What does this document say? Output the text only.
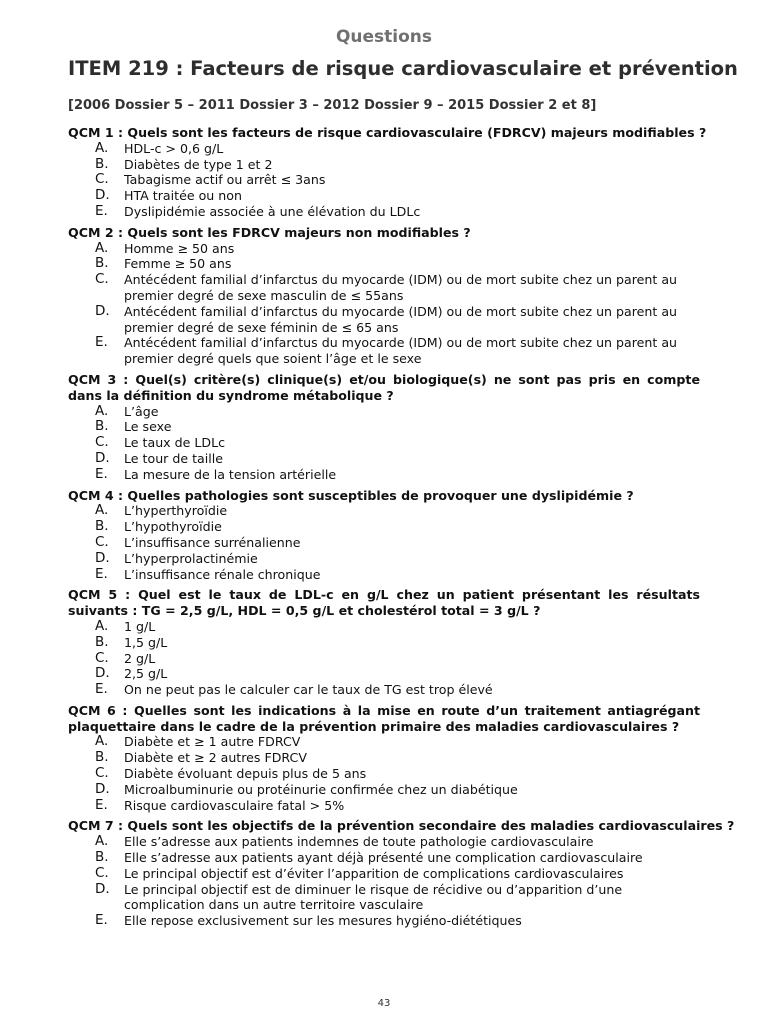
Questions
ITEM 219 : Facteurs de risque cardiovasculaire et prévention
[2006 Dossier 5 – 2011 Dossier 3 – 2012 Dossier 9 – 2015 Dossier 2 et 8]
QCM 1 : Quels sont les facteurs de risque cardiovasculaire (FDRCV) majeurs modifiables ?
A.	HDL-c > 0,6 g/L
B.	Diabètes de type 1 et 2
C.	Tabagisme actif ou arrêt ≤ 3ans
D.	HTA traitée ou non
E.	Dyslipidémie associée à une élévation du LDLc
QCM 2 : Quels sont les FDRCV majeurs non modifiables ?
A.	Homme ≥ 50 ans
B.	Femme ≥ 50 ans
C.	Antécédent familial d’infarctus du myocarde (IDM) ou de mort subite chez un parent au premier degré de sexe masculin de ≤ 55ans
D.	Antécédent familial d’infarctus du myocarde (IDM) ou de mort subite chez un parent au premier degré de sexe féminin de ≤ 65 ans
E.	Antécédent familial d’infarctus du myocarde (IDM) ou de mort subite chez un parent au premier degré quels que soient l’âge et le sexe
QCM 3 : Quel(s) critère(s) clinique(s) et/ou biologique(s) ne sont pas pris en compte dans la définition du syndrome métabolique ?
A.	L’âge
B.	Le sexe
C.	Le taux de LDLc
D.	Le tour de taille
E.	La mesure de la tension artérielle
QCM 4 : Quelles pathologies sont susceptibles de provoquer une dyslipidémie ?
A.	L’hyperthyroïdie
B.	L’hypothyroïdie
C.	L’insuffisance surrénalienne
D.	L’hyperprolactinémie
E.	L’insuffisance rénale chronique
QCM 5 : Quel est le taux de LDL-c en g/L chez un patient présentant les résultats suivants : TG = 2,5 g/L, HDL = 0,5 g/L et cholestérol total = 3 g/L ?
A.	1 g/L
B.	1,5 g/L
C.	2 g/L
D.	2,5 g/L
E.	On ne peut pas le calculer car le taux de TG est trop élevé
QCM 6 : Quelles sont les indications à la mise en route d’un traitement antiagrégant plaquettaire dans le cadre de la prévention primaire des maladies cardiovasculaires ?
A.	Diabète et ≥ 1 autre FDRCV
B.	Diabète et ≥ 2 autres FDRCV
C.	Diabète évoluant depuis plus de 5 ans
D.	Microalbuminurie ou protéinurie confirmée chez un diabétique
E.	Risque cardiovasculaire fatal > 5%
QCM 7 : Quels sont les objectifs de la prévention secondaire des maladies cardiovasculaires ?
A.	Elle s’adresse aux patients indemnes de toute pathologie cardiovasculaire
B.	Elle s’adresse aux patients ayant déjà présenté une complication cardiovasculaire
C.	Le principal objectif est d’éviter l’apparition de complications cardiovasculaires
D.	Le principal objectif est de diminuer le risque de récidive ou d’apparition d’une complication dans un autre territoire vasculaire
E.	Elle repose exclusivement sur les mesures hygiéno-diététiques
43
